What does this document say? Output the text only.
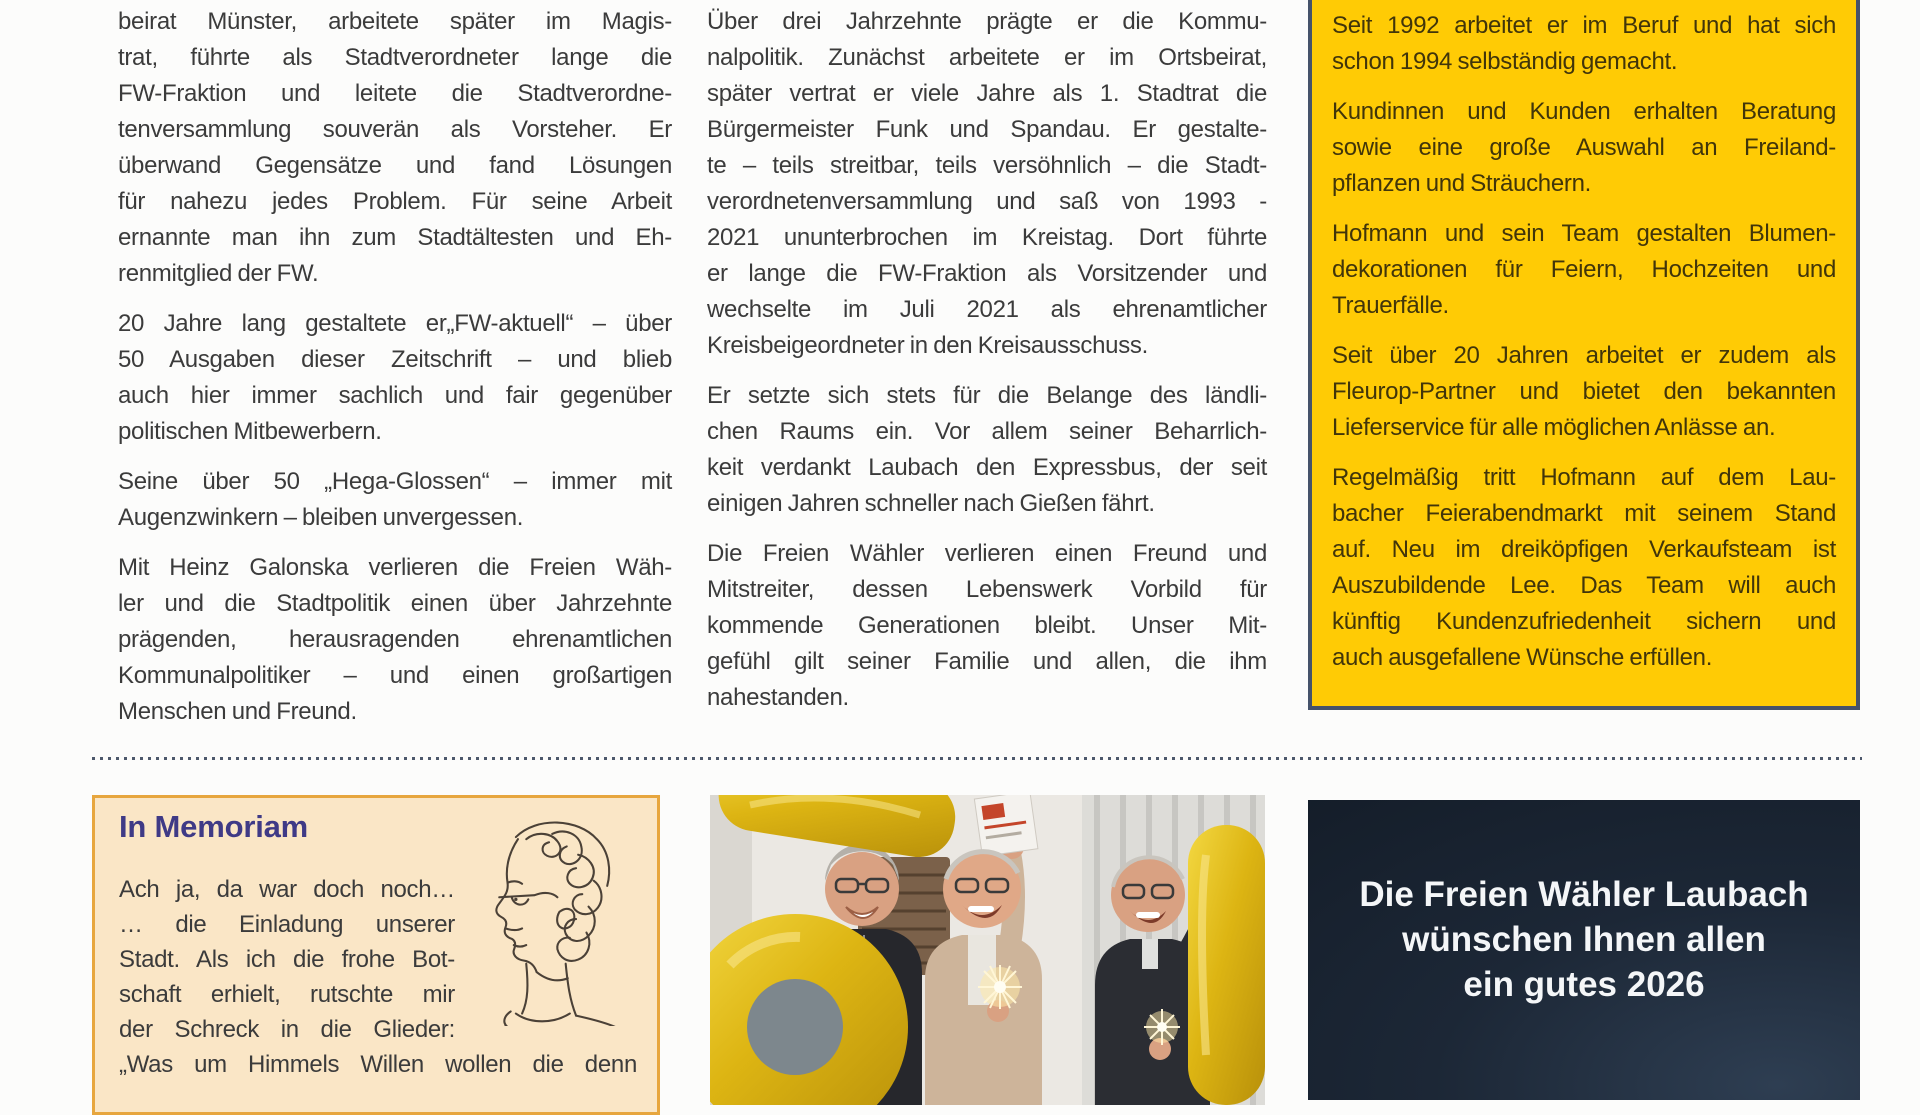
beirat Münster, arbeitete später im Magis-
trat, führte als Stadtverordneter lange die
FW-Fraktion und leitete die Stadtverordne-
tenversammlung souverän als Vorsteher. Er
überwand Gegensätze und fand Lösungen
für nahezu jedes Problem. Für seine Arbeit
ernannte man ihn zum Stadtältesten und Eh-
renmitglied der FW.
20 Jahre lang gestaltete er„FW-aktuell“ – über
50 Ausgaben dieser Zeitschrift – und blieb
auch hier immer sachlich und fair gegenüber
politischen Mitbewerbern.
Seine über 50 „Hega-Glossen“ – immer mit
Augenzwinkern – bleiben unvergessen.
Mit Heinz Galonska verlieren die Freien Wäh-
ler und die Stadtpolitik einen über Jahrzehnte
prägenden, herausragenden ehrenamtlichen
Kommunalpolitiker – und einen großartigen
Menschen und Freund.
Über drei Jahrzehnte prägte er die Kommu-
nalpolitik. Zunächst arbeitete er im Ortsbeirat,
später vertrat er viele Jahre als 1. Stadtrat die
Bürgermeister Funk und Spandau. Er gestalte-
te – teils streitbar, teils versöhnlich – die Stadt-
verordnetenversammlung und saß von 1993 -
2021 ununterbrochen im Kreistag. Dort führte
er lange die FW-Fraktion als Vorsitzender und
wechselte im Juli 2021 als ehrenamtlicher
Kreisbeigeordneter in den Kreisausschuss.
Er setzte sich stets für die Belange des ländli-
chen Raums ein. Vor allem seiner Beharrlich-
keit verdankt Laubach den Expressbus, der seit
einigen Jahren schneller nach Gießen fährt.
Die Freien Wähler verlieren einen Freund und
Mitstreiter, dessen Lebenswerk Vorbild für
kommende Generationen bleibt. Unser Mit-
gefühl gilt seiner Familie und allen, die ihm
nahestanden.
Seit 1992 arbeitet er im Beruf und hat sich
schon 1994 selbständig gemacht.
Kundinnen und Kunden erhalten Beratung
sowie eine große Auswahl an Freiland-
pflanzen und Sträuchern.
Hofmann und sein Team gestalten Blumen-
dekorationen für Feiern, Hochzeiten und
Trauerfälle.
Seit über 20 Jahren arbeitet er zudem als
Fleurop-Partner und bietet den bekannten
Lieferservice für alle möglichen Anlässe an.
Regelmäßig tritt Hofmann auf dem Lau-
bacher Feierabendmarkt mit seinem Stand
auf. Neu im dreiköpfigen Verkaufsteam ist
Auszubildende Lee. Das Team will auch
künftig Kundenzufriedenheit sichern und
auch ausgefallene Wünsche erfüllen.
In Memoriam
Ach ja, da war doch noch…
… die Einladung unserer
Stadt. Als ich die frohe Bot-
schaft erhielt, rutschte mir
der Schreck in die Glieder:
„Was um Himmels Willen wollen die denn
Die Freien Wähler Laubach
wünschen Ihnen allen
ein gutes 2026
